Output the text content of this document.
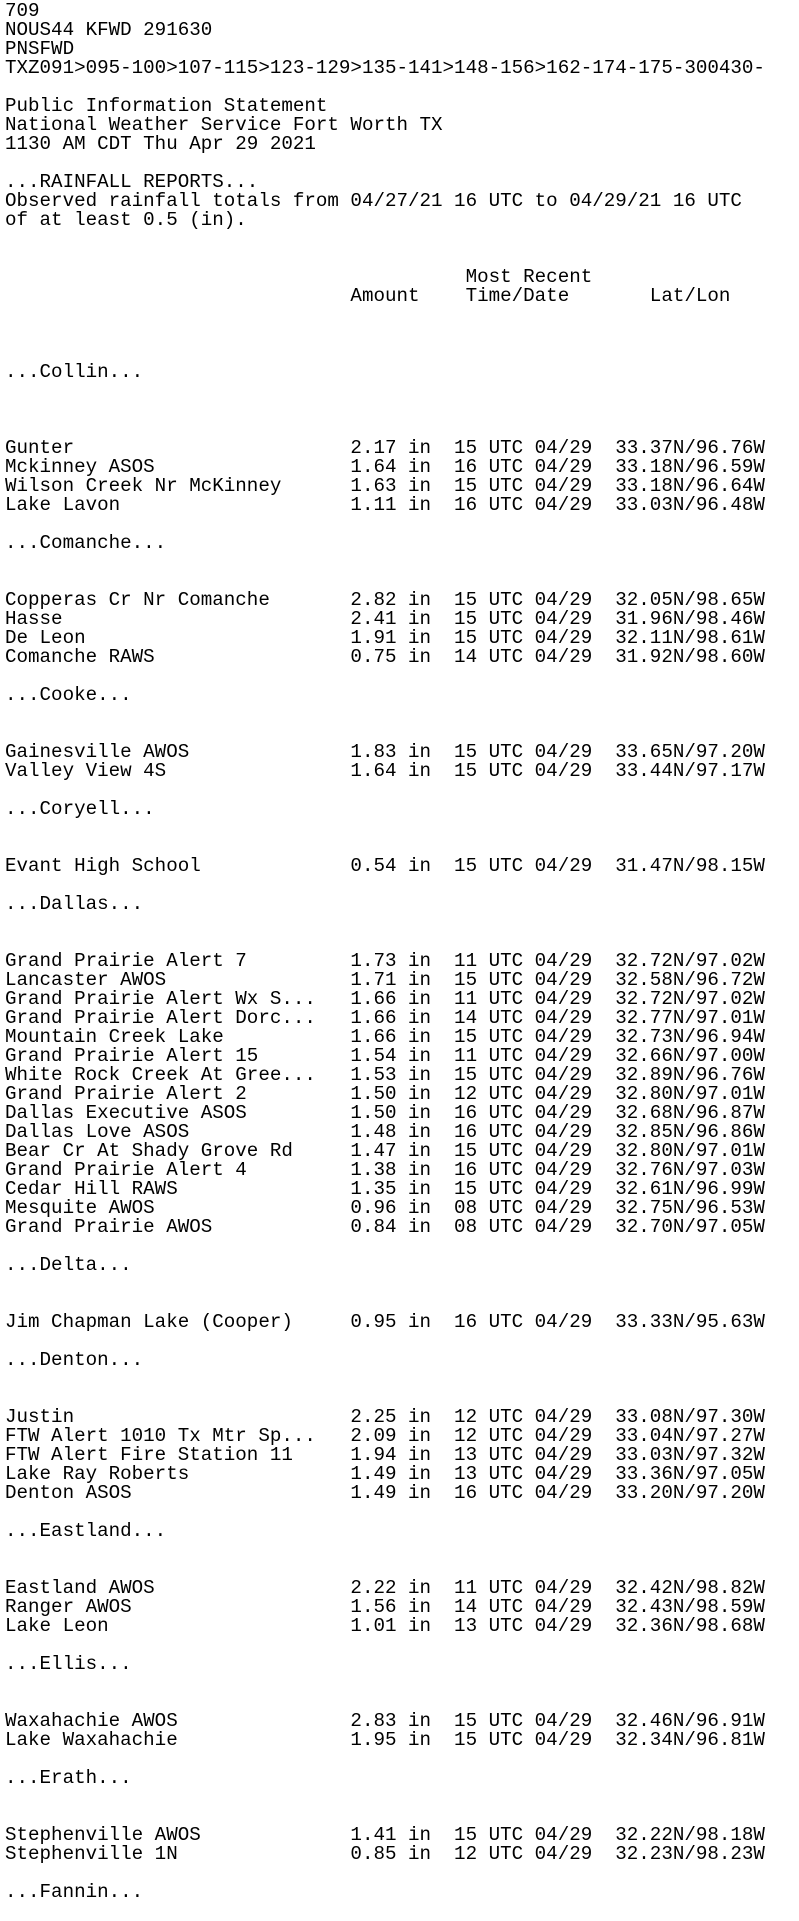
709
NOUS44 KFWD 291630
PNSFWD
TXZ091>095-100>107-115>123-129>135-141>148-156>162-174-175-300430-
Public Information Statement
National Weather Service Fort Worth TX
1130 AM CDT Thu Apr 29 2021
...RAINFALL REPORTS...
Observed rainfall totals from 04/27/21 16 UTC to 04/29/21 16 UTC
of at least 0.5 (in).
Most Recent
Amount    Time/Date       Lat/Lon
...Collin...
Gunter                        2.17 in  15 UTC 04/29  33.37N/96.76W
Mckinney ASOS                 1.64 in  16 UTC 04/29  33.18N/96.59W
Wilson Creek Nr McKinney      1.63 in  15 UTC 04/29  33.18N/96.64W
Lake Lavon                    1.11 in  16 UTC 04/29  33.03N/96.48W
...Comanche...
Copperas Cr Nr Comanche       2.82 in  15 UTC 04/29  32.05N/98.65W
Hasse                         2.41 in  15 UTC 04/29  31.96N/98.46W
De Leon                       1.91 in  15 UTC 04/29  32.11N/98.61W
Comanche RAWS                 0.75 in  14 UTC 04/29  31.92N/98.60W
...Cooke...
Gainesville AWOS              1.83 in  15 UTC 04/29  33.65N/97.20W
Valley View 4S                1.64 in  15 UTC 04/29  33.44N/97.17W
...Coryell...
Evant High School             0.54 in  15 UTC 04/29  31.47N/98.15W
...Dallas...
Grand Prairie Alert 7         1.73 in  11 UTC 04/29  32.72N/97.02W
Lancaster AWOS                1.71 in  15 UTC 04/29  32.58N/96.72W
Grand Prairie Alert Wx S...   1.66 in  11 UTC 04/29  32.72N/97.02W
Grand Prairie Alert Dorc...   1.66 in  14 UTC 04/29  32.77N/97.01W
Mountain Creek Lake           1.66 in  15 UTC 04/29  32.73N/96.94W
Grand Prairie Alert 15        1.54 in  11 UTC 04/29  32.66N/97.00W
White Rock Creek At Gree...   1.53 in  15 UTC 04/29  32.89N/96.76W
Grand Prairie Alert 2         1.50 in  12 UTC 04/29  32.80N/97.01W
Dallas Executive ASOS         1.50 in  16 UTC 04/29  32.68N/96.87W
Dallas Love ASOS              1.48 in  16 UTC 04/29  32.85N/96.86W
Bear Cr At Shady Grove Rd     1.47 in  15 UTC 04/29  32.80N/97.01W
Grand Prairie Alert 4         1.38 in  16 UTC 04/29  32.76N/97.03W
Cedar Hill RAWS               1.35 in  15 UTC 04/29  32.61N/96.99W
Mesquite AWOS                 0.96 in  08 UTC 04/29  32.75N/96.53W
Grand Prairie AWOS            0.84 in  08 UTC 04/29  32.70N/97.05W
...Delta...
Jim Chapman Lake (Cooper)     0.95 in  16 UTC 04/29  33.33N/95.63W
...Denton...
Justin                        2.25 in  12 UTC 04/29  33.08N/97.30W
FTW Alert 1010 Tx Mtr Sp...   2.09 in  12 UTC 04/29  33.04N/97.27W
FTW Alert Fire Station 11     1.94 in  13 UTC 04/29  33.03N/97.32W
Lake Ray Roberts              1.49 in  13 UTC 04/29  33.36N/97.05W
Denton ASOS                   1.49 in  16 UTC 04/29  33.20N/97.20W
...Eastland...
Eastland AWOS                 2.22 in  11 UTC 04/29  32.42N/98.82W
Ranger AWOS                   1.56 in  14 UTC 04/29  32.43N/98.59W
Lake Leon                     1.01 in  13 UTC 04/29  32.36N/98.68W
...Ellis...
Waxahachie AWOS               2.83 in  15 UTC 04/29  32.46N/96.91W
Lake Waxahachie               1.95 in  15 UTC 04/29  32.34N/96.81W
...Erath...
Stephenville AWOS             1.41 in  15 UTC 04/29  32.22N/98.18W
Stephenville 1N               0.85 in  12 UTC 04/29  32.23N/98.23W
...Fannin...
